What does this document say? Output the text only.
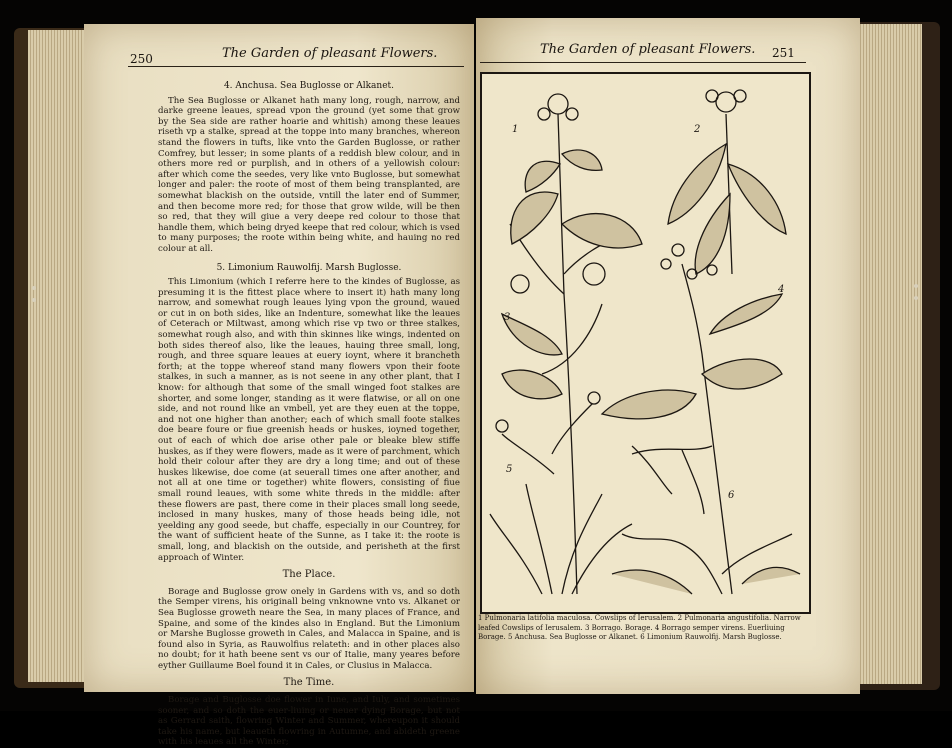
250	The Garden of pleasant Flowers.
4. Anchusa. Sea Buglosse or Alkanet.

The Sea Buglosse or Alkanet hath many long, rough, narrow, and darke greene leaues, spread vpon the ground (yet some that grow by the Sea side are rather hoarie and whitish) among these leaues riseth vp a stalke, spread at the toppe into many branches, whereon stand the flowers in tufts, like vnto the Garden Buglosse, or rather Comfrey, but lesser; in some plants of a reddish blew colour, and in others more red or purplish, and in others of a yellowish colour: after which come the seedes, very like vnto Buglosse, but somewhat longer and paler: the roote of most of them being transplanted, are somewhat blackish on the outside, vntill the later end of Summer, and then become more red; for those that grow wilde, will be then so red, that they will giue a very deepe red colour to those that handle them, which being dryed keepe that red colour, which is vsed to many purposes; the roote within being white, and hauing no red colour at all.

5. Limonium Rauwolfij. Marsh Buglosse.

This Limonium (which I referre here to the kindes of Buglosse, as presuming it is the fittest place where to insert it) hath many long narrow, and somewhat rough leaues lying vpon the ground, waued or cut in on both sides, like an Indenture, somewhat like the leaues of Ceterach or Miltwast, among which rise vp two or three stalkes, somewhat rough also, and with thin skinnes like wings, indented on both sides thereof also, like the leaues, hauing three small, long, rough, and three square leaues at euery ioynt, where it brancheth forth; at the toppe whereof stand many flowers vpon their foote stalkes, in such a manner, as is not seene in any other plant, that I know: for although that some of the small winged foot stalkes are shorter, and some longer, standing as it were flatwise, or all on one side, and not round like an vmbell, yet are they euen at the toppe, and not one higher than another; each of which small foote stalkes doe beare foure or fiue greenish heads or huskes, ioyned together, out of each of which doe arise other pale or bleake blew stiffe huskes, as if they were flowers, made as it were of parchment, which hold their colour after they are dry a long time; and out of these huskes likewise, doe come (at seuerall times one after another, and not all at one time or together) white flowers, consisting of fiue small round leaues, with some white threds in the middle: after these flowers are past, there come in their places small long seede, inclosed in many huskes, many of those heads being idle, not yeelding any good seede, but chaffe, especially in our Countrey, for the want of sufficient heate of the Sunne, as I take it: the roote is small, long, and blackish on the outside, and perisheth at the first approach of Winter.

The Place.

Borage and Buglosse grow onely in Gardens with vs, and so doth the Semper virens, his originall being vnknowne vnto vs. Alkanet or Sea Buglosse groweth neare the Sea, in many places of France, and Spaine, and some of the kindes also in England. But the Limonium or Marshe Buglosse groweth in Cales, and Malacca in Spaine, and is found also in Syria, as Rauwolfius relateth: and in other places also no doubt; for it hath beene sent vs our of Italie, many yeares before eyther Guillaume Boel found it in Cales, or Clusius in Malacca.

The Time.

Borage and Buglosse doe flower in Iune, and Iuly, and sometimes sooner, and so doth the euer-liuing or neuer dying Borage, but not as Gerrard saith, flowring Winter and Summer, whereupon it should take his name, but leaueth flowring in Autumne, and abideth greene with his leaues all the Winter;

The Garden of pleasant Flowers. 251
1	2
3
4
5
6
1 Pulmonaria latifolia maculosa. Cowslips of Ierusalem. 2 Pulmonaria angustifolia. Narrow leafed Cowslips of Ierusalem. 3 Borrago. Borage. 4 Borrago semper virens. Euerliuing Borage. 5 Anchusa. Sea Buglosse or Alkanet. 6 Limonium Rauwolfij. Marsh Buglosse.
